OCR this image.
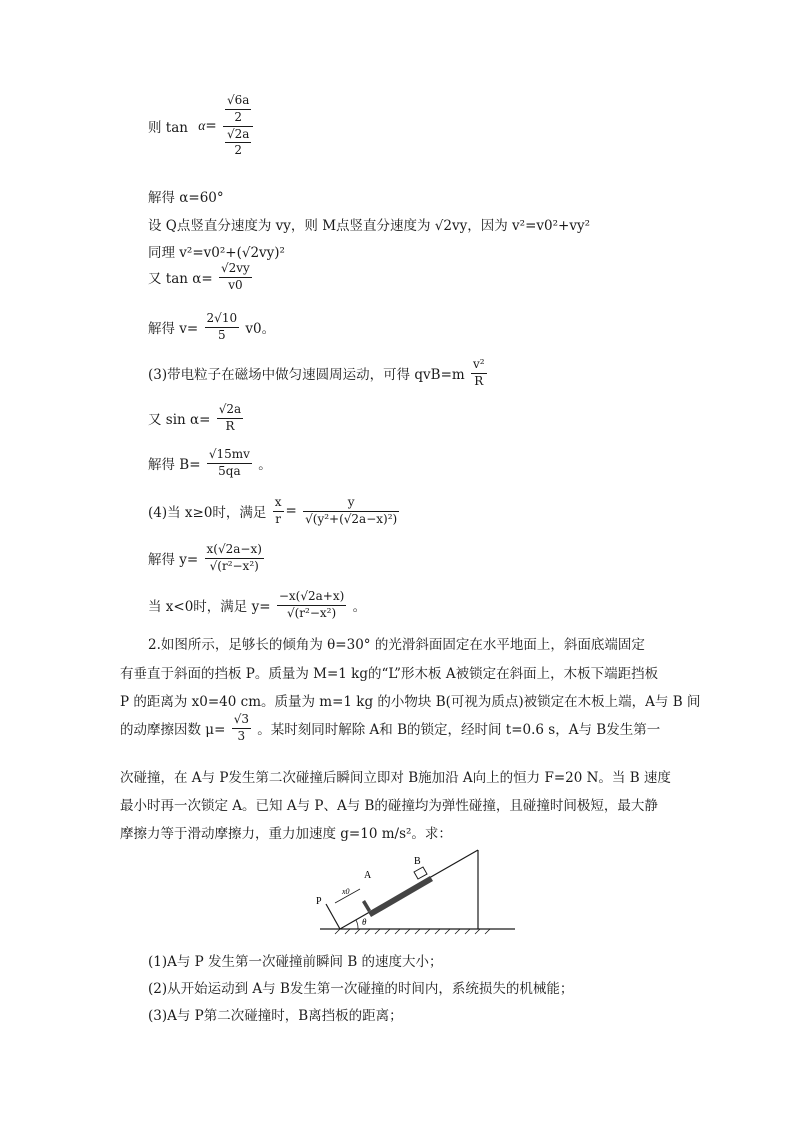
则 $\tan \alpha= \frac{\frac{√6a}{2}}{\frac{√2a}{2}}$
解得 α=60°
设 Q点竖直分速度为 vy，则 M点竖直分速度为 √2vy，因为 v²=v0²+vy²
同理 v²=v0²+(√2vy)²
又 $\tan \alpha= \frac{√2vy}{v0}$
解得 $v= \frac{2√10}{5} v0$。
(3)带电粒子在磁场中做匀速圆周运动，可得 $qvB=m \frac{\text{v²}}{R}$
又 $\sin \alpha= \frac{√2a}{R}$
解得 $B= \frac{√15mv}{5qa}$ 。
(4)当 x≥0时，满足 $\frac{x}{r} = \frac{y}{\text{√(y²+(√2a−x)²)}}$
解得 $y= \frac{x(√2a-x)}{\text{√(r²−x²)}}$
当 x<0时，满足 $y= \frac{-x(√2a+x)}{\text{√(r²−x²)}}$ 。
2.如图所示，足够长的倾角为 θ=30° 的光滑斜面固定在水平地面上，斜面底端固定
有垂直于斜面的挡板 P。质量为 M=1 kg的“L”形木板 A被锁定在斜面上，木板下端距挡板
P 的距离为 x0=40 cm。质量为 m=1 kg 的小物块 B(可视为质点)被锁定在木板上端，A与 B 间
的动摩擦因数 $\mu= \frac{√3}{3}$ 。某时刻同时解除 A和 B的锁定，经时间 t=0.6 s，A与 B发生第一
次碰撞，在 A与 P发生第二次碰撞后瞬间立即对 B施加沿 A向上的恒力 F=20 N。当 B 速度
最小时再一次锁定 A。已知 A与 P、A与 B的碰撞均为弹性碰撞，且碰撞时间极短，最大静
摩擦力等于滑动摩擦力，重力加速度 g=10 m/s²。求：
A
B
P
x0
θ
(1)A与 P 发生第一次碰撞前瞬间 B 的速度大小；
(2)从开始运动到 A与 B发生第一次碰撞的时间内，系统损失的机械能；
(3)A与 P第二次碰撞时，B离挡板的距离；
